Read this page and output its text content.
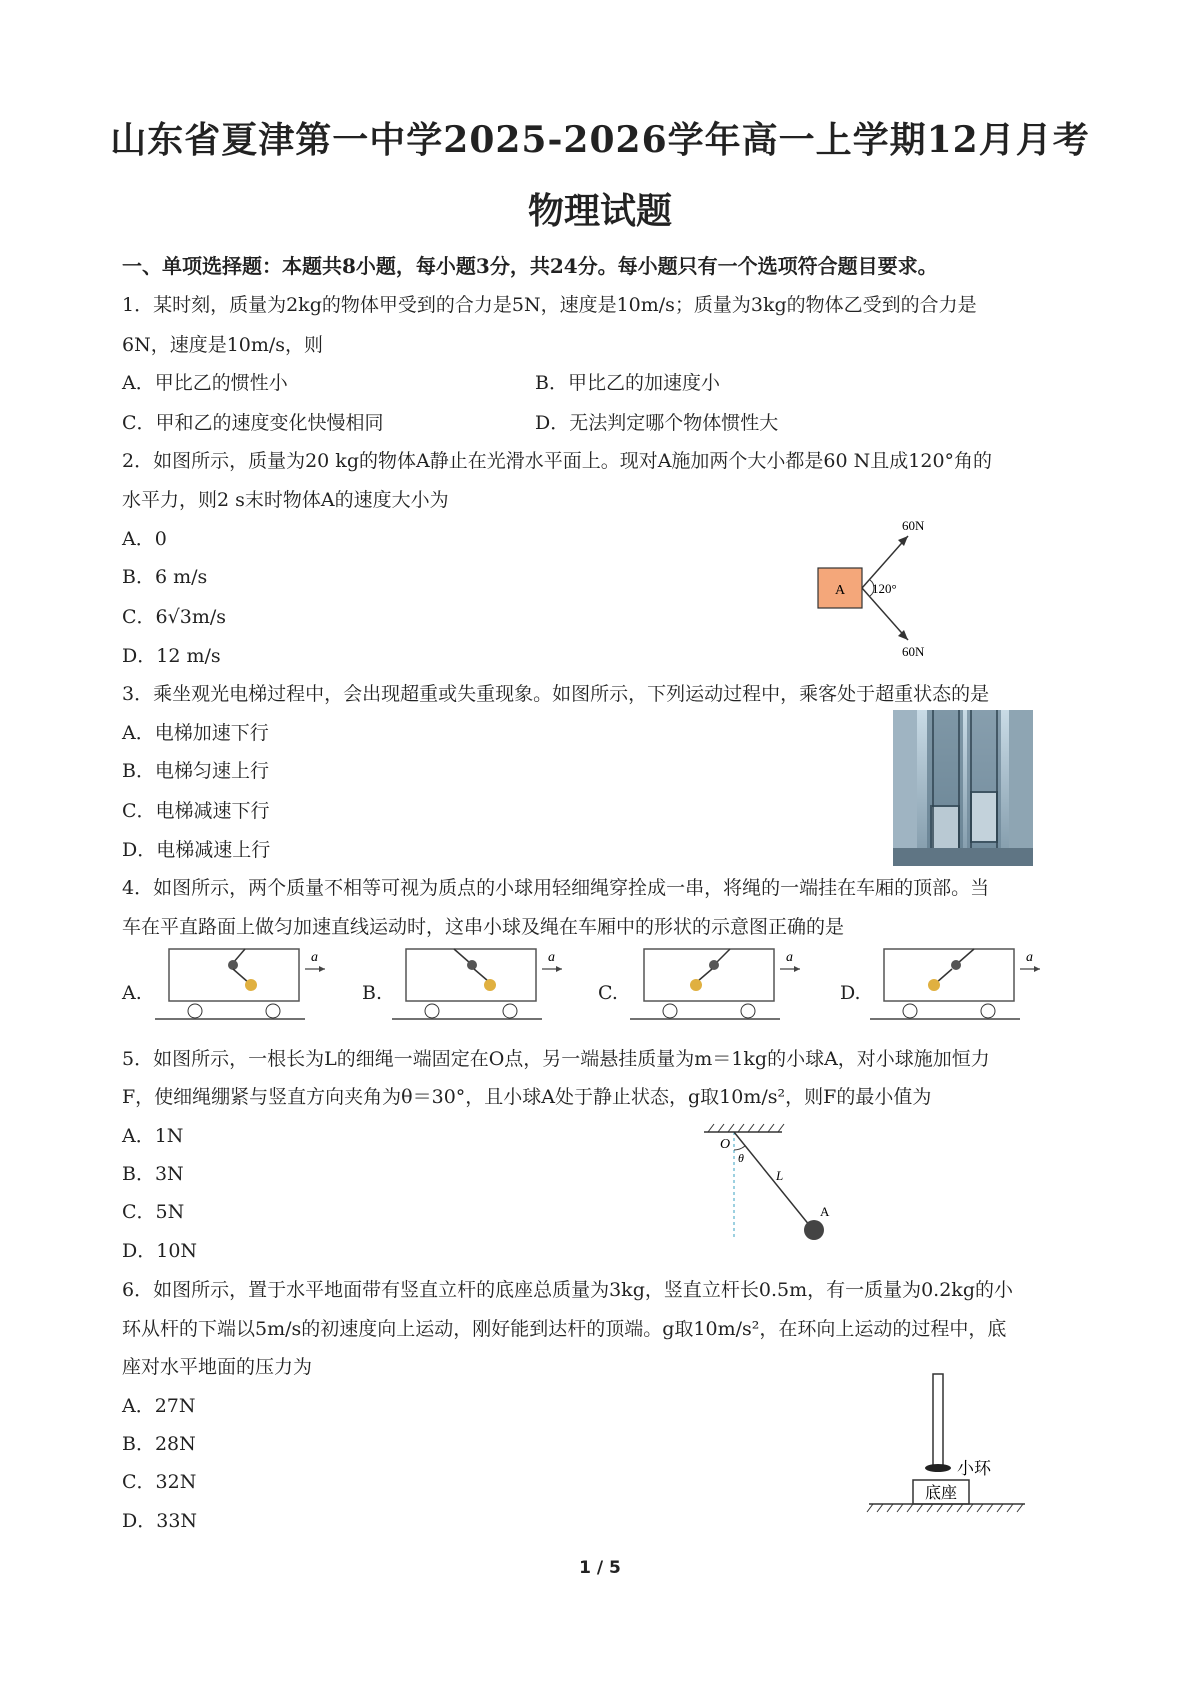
山东省夏津第一中学2025-2026学年高一上学期12月月考
物理试题
一、单项选择题：本题共8小题，每小题3分，共24分。每小题只有一个选项符合题目要求。
1．某时刻，质量为2kg的物体甲受到的合力是5N，速度是10m/s；质量为3kg的物体乙受到的合力是
6N，速度是10m/s，则
A．甲比乙的惯性小	B．甲比乙的加速度小
C．甲和乙的速度变化快慢相同	D．无法判定哪个物体惯性大
2．如图所示，质量为20 kg的物体A静止在光滑水平面上。现对A施加两个大小都是60 N且成120°角的
水平力，则2 s末时物体A的速度大小为
A．0
B．6 m/s
C．6√3m/s
D．12 m/s
A 120°
60N
60N
3．乘坐观光电梯过程中，会出现超重或失重现象。如图所示，下列运动过程中，乘客处于超重状态的是
A．电梯加速下行
B．电梯匀速上行
C．电梯减速下行
D．电梯减速上行
4．如图所示，两个质量不相等可视为质点的小球用轻细绳穿拴成一串，将绳的一端挂在车厢的顶部。当
车在平直路面上做匀加速直线运动时，这串小球及绳在车厢中的形状的示意图正确的是
A.	B.	C.	D.
a	a	a	a
5．如图所示，一根长为L的细绳一端固定在O点，另一端悬挂质量为m＝1kg的小球A，对小球施加恒力
F，使细绳绷紧与竖直方向夹角为θ＝30°，且小球A处于静止状态，g取10m/s²，则F的最小值为
A．1N
B．3N
C．5N
D．10N
O
θ
L
A
6．如图所示，置于水平地面带有竖直立杆的底座总质量为3kg，竖直立杆长0.5m，有一质量为0.2kg的小
环从杆的下端以5m/s的初速度向上运动，刚好能到达杆的顶端。g取10m/s²，在环向上运动的过程中，底
座对水平地面的压力为
A．27N
B．28N
C．32N
D．33N
小环
底座
1 / 5
